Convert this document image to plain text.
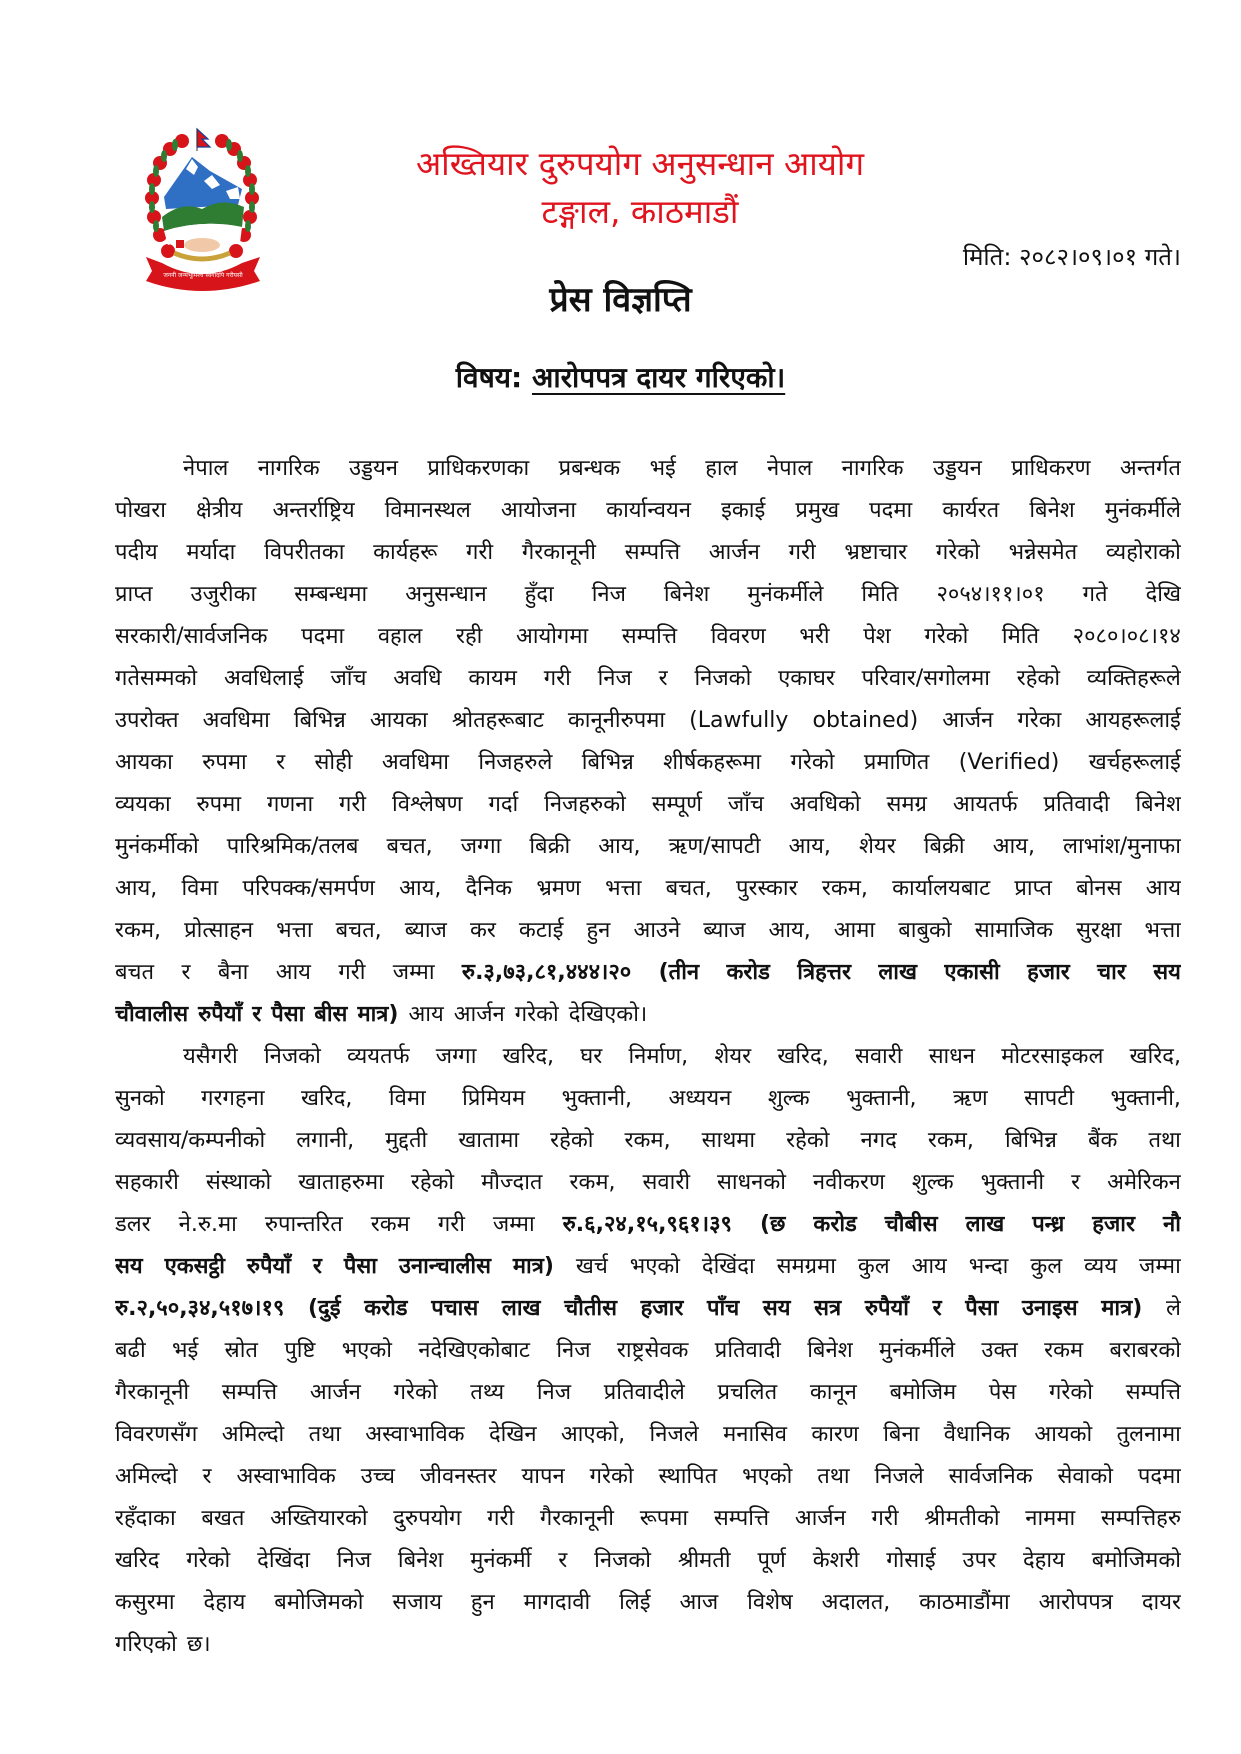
जननी जन्मभूमिश्च स्वर्गादपि गरीयसी
अख्तियार दुरुपयोग अनुसन्धान आयोग
टङ्गाल, काठमाडौं
मिति: २०८२।०९।०१ गते।
प्रेस विज्ञप्ति
विषय: आरोपपत्र दायर गरिएको।
नेपाल नागरिक उड्डयन प्राधिकरणका प्रबन्धक भई हाल नेपाल नागरिक उड्डयन प्राधिकरण अन्तर्गत
पोखरा क्षेत्रीय अन्तर्राष्ट्रिय विमानस्थल आयोजना कार्यान्वयन इकाई प्रमुख पदमा कार्यरत बिनेश मुनंकर्मीले
पदीय मर्यादा विपरीतका कार्यहरू गरी गैरकानूनी सम्पत्ति आर्जन गरी भ्रष्टाचार गरेको भन्नेसमेत व्यहोराको
प्राप्त उजुरीका सम्बन्धमा अनुसन्धान हुँदा निज बिनेश मुनंकर्मीले मिति २०५४।११।०१ गते देखि
सरकारी/सार्वजनिक पदमा वहाल रही आयोगमा सम्पत्ति विवरण भरी पेश गरेको मिति २०८०।०८।१४
गतेसम्मको अवधिलाई जाँच अवधि कायम गरी निज र निजको एकाघर परिवार/सगोलमा रहेको व्यक्तिहरूले
उपरोक्त अवधिमा बिभिन्न आयका श्रोतहरूबाट कानूनीरुपमा (Lawfully obtained) आर्जन गरेका आयहरूलाई
आयका रुपमा र सोही अवधिमा निजहरुले बिभिन्न शीर्षकहरूमा गरेको प्रमाणित (Verified) खर्चहरूलाई
व्ययका रुपमा गणना गरी विश्लेषण गर्दा निजहरुको सम्पूर्ण जाँच अवधिको समग्र आयतर्फ प्रतिवादी बिनेश
मुनंकर्मीको पारिश्रमिक/तलब बचत, जग्गा बिक्री आय, ऋण/सापटी आय, शेयर बिक्री आय, लाभांश/मुनाफा
आय, विमा परिपक्क/समर्पण आय, दैनिक भ्रमण भत्ता बचत, पुरस्कार रकम, कार्यालयबाट प्राप्त बोनस आय
रकम, प्रोत्साहन भत्ता बचत, ब्याज कर कटाई हुन आउने ब्याज आय, आमा बाबुको सामाजिक सुरक्षा भत्ता
बचत र बैना आय गरी जम्मा रु.३,७३,८१,४४४।२० (तीन करोड त्रिहत्तर लाख एकासी हजार चार सय
चौवालीस रुपैयाँ र पैसा बीस मात्र) आय आर्जन गरेको देखिएको।
यसैगरी निजको व्ययतर्फ जग्गा खरिद, घर निर्माण, शेयर खरिद, सवारी साधन मोटरसाइकल खरिद,
सुनको गरगहना खरिद, विमा प्रिमियम भुक्तानी, अध्ययन शुल्क भुक्तानी, ऋण सापटी भुक्तानी,
व्यवसाय/कम्पनीको लगानी, मुद्दती खातामा रहेको रकम, साथमा रहेको नगद रकम, बिभिन्न बैंक तथा
सहकारी संस्थाको खाताहरुमा रहेको मौज्दात रकम, सवारी साधनको नवीकरण शुल्क भुक्तानी र अमेरिकन
डलर ने.रु.मा रुपान्तरित रकम गरी जम्मा रु.६,२४,१५,९६१।३९ (छ करोड चौबीस लाख पन्ध्र हजार नौ
सय एकसट्ठी रुपैयाँ र पैसा उनान्चालीस मात्र) खर्च भएको देखिंदा समग्रमा कुल आय भन्दा कुल व्यय जम्मा
रु.२,५०,३४,५१७।१९ (दुई करोड पचास लाख चौतीस हजार पाँच सय सत्र रुपैयाँ र पैसा उनाइस मात्र) ले
बढी भई स्रोत पुष्टि भएको नदेखिएकोबाट निज राष्ट्रसेवक प्रतिवादी बिनेश मुनंकर्मीले उक्त रकम बराबरको
गैरकानूनी सम्पत्ति आर्जन गरेको तथ्य निज प्रतिवादीले प्रचलित कानून बमोजिम पेस गरेको सम्पत्ति
विवरणसँग अमिल्दो तथा अस्वाभाविक देखिन आएको, निजले मनासिव कारण बिना वैधानिक आयको तुलनामा
अमिल्दो र अस्वाभाविक उच्च जीवनस्तर यापन गरेको स्थापित भएको तथा निजले सार्वजनिक सेवाको पदमा
रहँदाका बखत अख्तियारको दुरुपयोग गरी गैरकानूनी रूपमा सम्पत्ति आर्जन गरी श्रीमतीको नाममा सम्पत्तिहरु
खरिद गरेको देखिंदा निज बिनेश मुनंकर्मी र निजको श्रीमती पूर्ण केशरी गोसाई उपर देहाय बमोजिमको
कसुरमा देहाय बमोजिमको सजाय हुन मागदावी लिई आज विशेष अदालत, काठमाडौंमा आरोपपत्र दायर
गरिएको छ।
